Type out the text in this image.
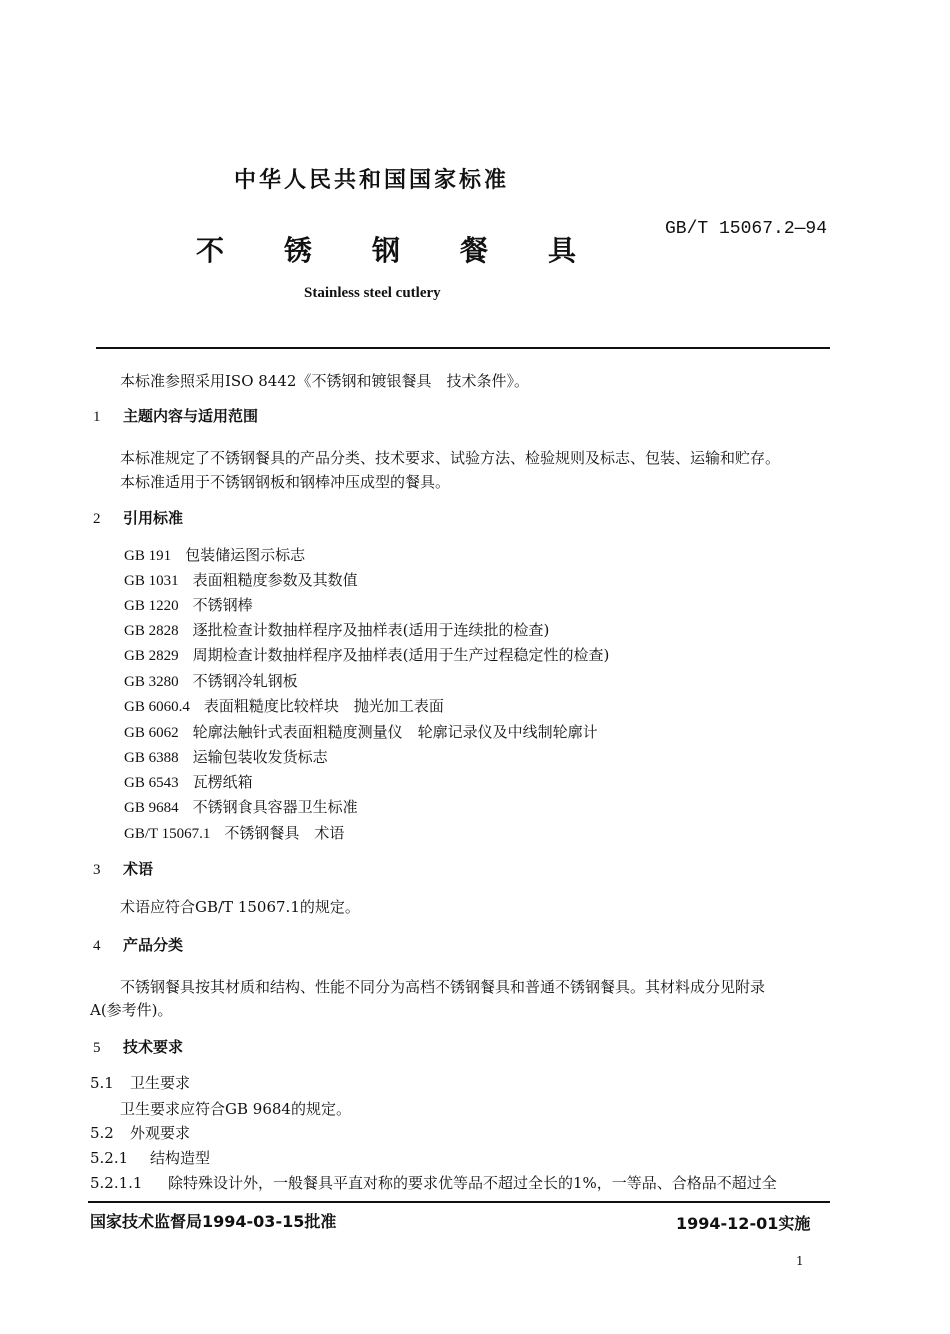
中华人民共和国国家标准
GB/T 15067.2—94
不 锈 钢 餐 具
Stainless steel cutlery
本标准参照采用ISO 8442《不锈钢和镀银餐具　技术条件》。
1 主题内容与适用范围
本标准规定了不锈钢餐具的产品分类、技术要求、试验方法、检验规则及标志、包装、运输和贮存。
本标准适用于不锈钢钢板和钢棒冲压成型的餐具。
2 引用标准
GB 191 包装储运图示标志
GB 1031 表面粗糙度参数及其数值
GB 1220 不锈钢棒
GB 2828 逐批检查计数抽样程序及抽样表(适用于连续批的检查)
GB 2829 周期检查计数抽样程序及抽样表(适用于生产过程稳定性的检查)
GB 3280 不锈钢冷轧钢板
GB 6060.4 表面粗糙度比较样块　抛光加工表面
GB 6062 轮廓法触针式表面粗糙度测量仪　轮廓记录仪及中线制轮廓计
GB 6388 运输包装收发货标志
GB 6543 瓦楞纸箱
GB 9684 不锈钢食具容器卫生标准
GB/T 15067.1 不锈钢餐具　术语
3 术语
术语应符合GB/T 15067.1的规定。
4 产品分类
不锈钢餐具按其材质和结构、性能不同分为高档不锈钢餐具和普通不锈钢餐具。其材料成分见附录
A(参考件)。
5 技术要求
5.1 卫生要求
卫生要求应符合GB 9684的规定。
5.2 外观要求
5.2.1 结构造型
5.2.1.1 除特殊设计外，一般餐具平直对称的要求优等品不超过全长的1%，一等品、合格品不超过全
国家技术监督局1994-03-15批准	1994-12-01实施
1
